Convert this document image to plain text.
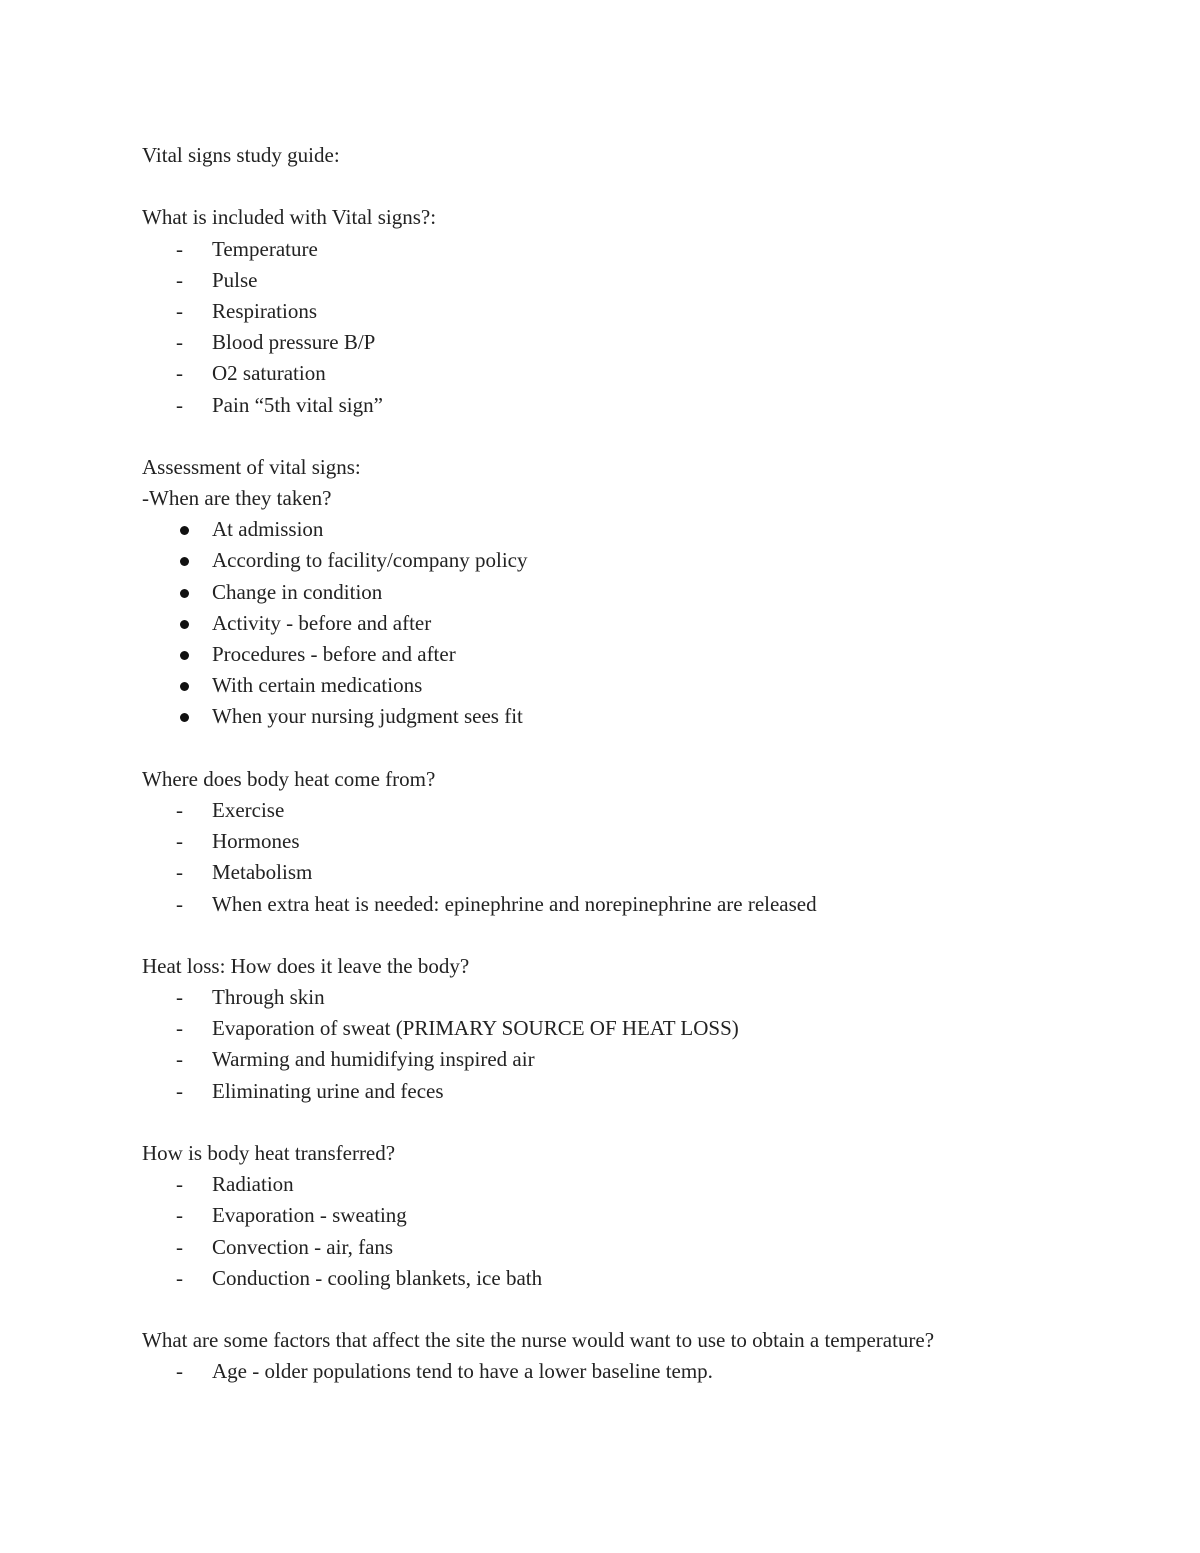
Vital signs study guide:
What is included with Vital signs?:
-	Temperature
-	Pulse
-	Respirations
-	Blood pressure B/P
-	O2 saturation
-	Pain “5th vital sign”
Assessment of vital signs:
-When are they taken?
At admission
According to facility/company policy
Change in condition
Activity - before and after
Procedures - before and after
With certain medications
When your nursing judgment sees fit
Where does body heat come from?
-	Exercise
-	Hormones
-	Metabolism
-	When extra heat is needed: epinephrine and norepinephrine are released
Heat loss: How does it leave the body?
-	Through skin
-	Evaporation of sweat (PRIMARY SOURCE OF HEAT LOSS)
-	Warming and humidifying inspired air
-	Eliminating urine and feces
How is body heat transferred?
-	Radiation
-	Evaporation - sweating
-	Convection - air, fans
-	Conduction - cooling blankets, ice bath
What are some factors that affect the site the nurse would want to use to obtain a temperature?
-	Age - older populations tend to have a lower baseline temp.
